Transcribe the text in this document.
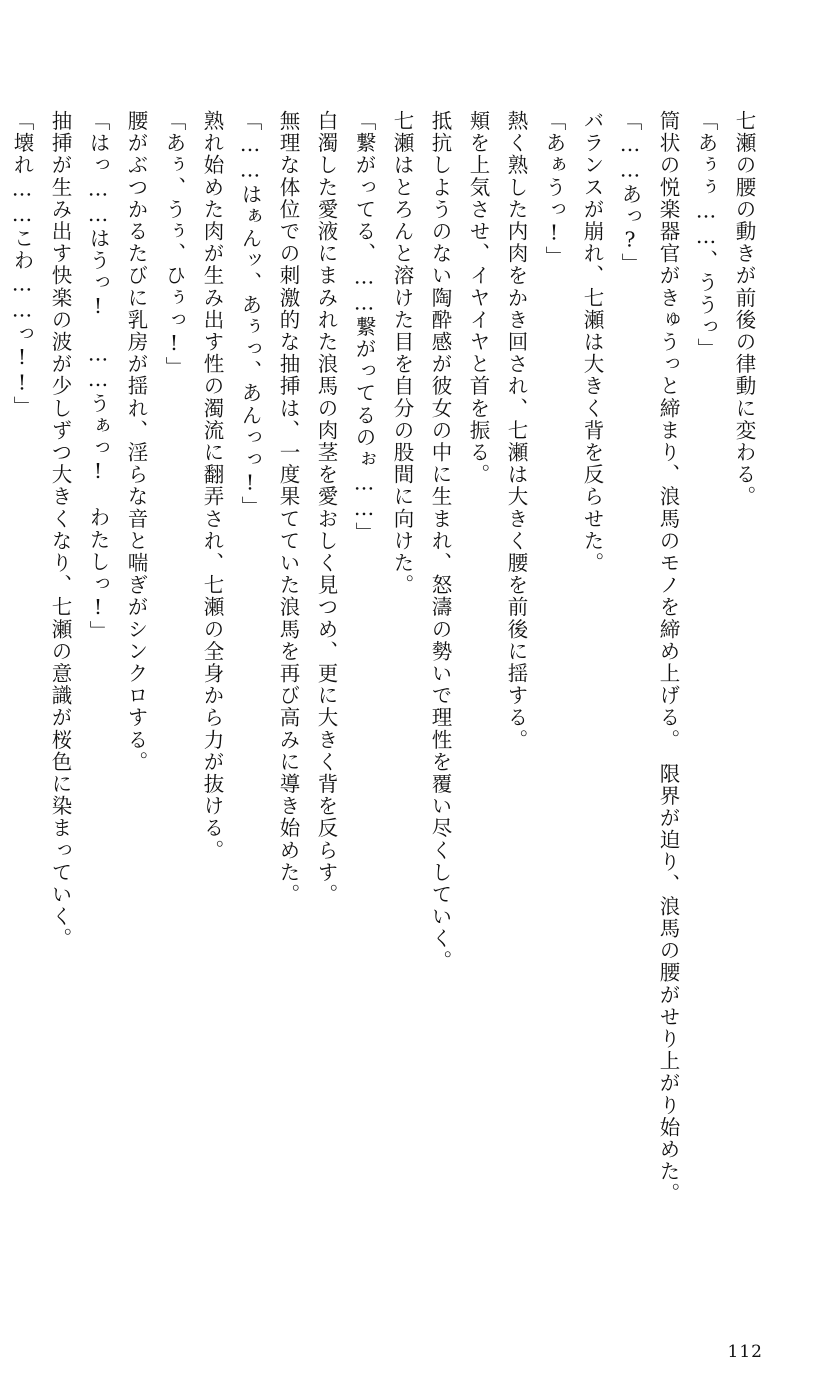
七瀬の腰の動きが前後の律動に変わる。

「あぅぅ……、ううっ」

筒状の悦楽器官がきゅうっと締まり、浪馬のモノを締め上げる。　限界が迫り、浪馬の腰がせり上がり始めた。

「……あっ?」

バランスが崩れ、七瀬は大きく背を反らせた。

「あぁうっ!」

熱く熟した内肉をかき回され、七瀬は大きく腰を前後に揺する。

頬を上気させ、イヤイヤと首を振る。

抵抗しようのない陶酔感が彼女の中に生まれ、怒濤の勢いで理性を覆い尽くしていく。

七瀬はとろんと溶けた目を自分の股間に向けた。

「繋がってる、……繋がってるのぉ……」

白濁した愛液にまみれた浪馬の肉茎を愛おしく見つめ、更に大きく背を反らす。

無理な体位での刺激的な抽挿は、一度果てていた浪馬を再び高みに導き始めた。

「……はぁんッ、あぅっ、あんっっ!」

熟れ始めた肉が生み出す性の濁流に翻弄され、七瀬の全身から力が抜ける。

「あぅ、うぅ、ひぅっ!」

腰がぶつかるたびに乳房が揺れ、淫らな音と喘ぎがシンクロする。

「はっ……はうっ!　……うぁっ!　わたしっ!」

抽挿が生み出す快楽の波が少しずつ大きくなり、七瀬の意識が桜色に染まっていく。

「壊れ……こわ……っ!!」

112
